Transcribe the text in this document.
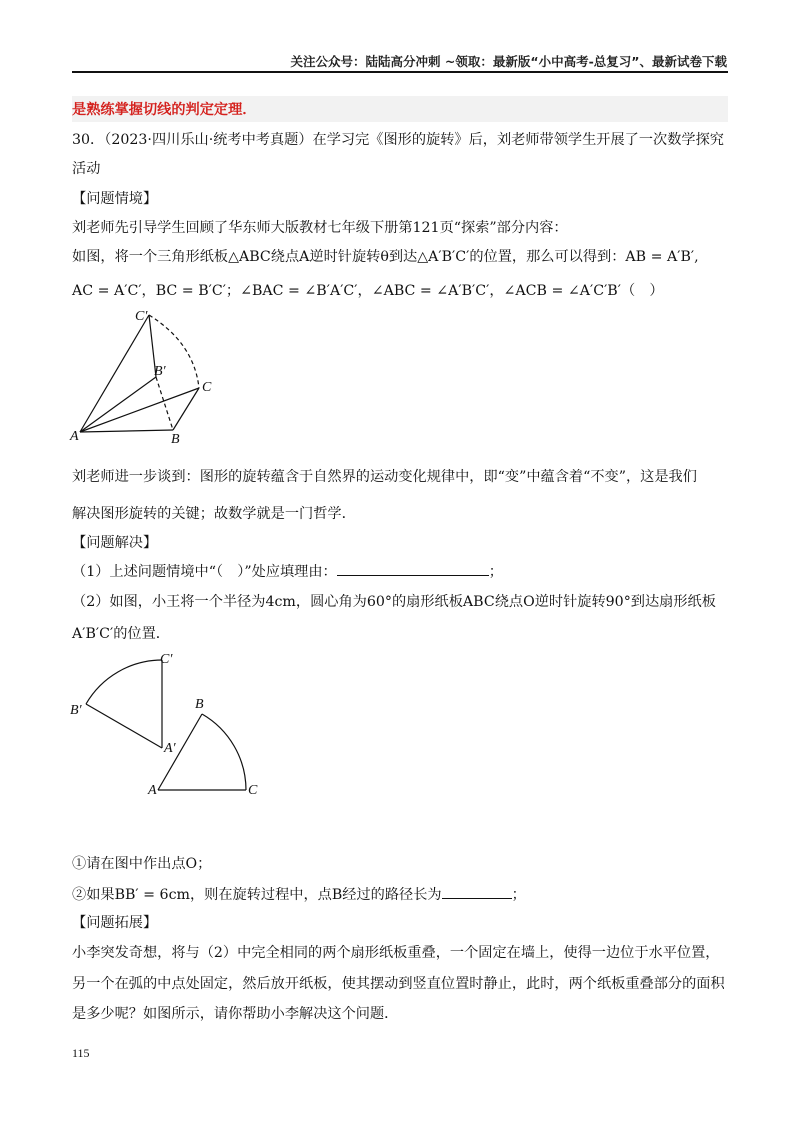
关注公众号：陆陆高分冲刺 ~领取：最新版“小中高考-总复习”、最新试卷下载
是熟练掌握切线的判定定理．
30．（2023·四川乐山·统考中考真题）在学习完《图形的旋转》后，刘老师带领学生开展了一次数学探究
活动
【问题情境】
刘老师先引导学生回顾了华东师大版教材七年级下册第121页“探索”部分内容：
如图，将一个三角形纸板△ABC绕点A逆时针旋转θ到达△A′B′C′的位置，那么可以得到：AB = A′B′,
AC = A′C′，BC = B′C′；∠BAC = ∠B′A′C′，∠ABC = ∠A′B′C′，∠ACB = ∠A′C′B′（　）
C′
B′
C
A	B
刘老师进一步谈到：图形的旋转蕴含于自然界的运动变化规律中，即“变”中蕴含着“不变”，这是我们
解决图形旋转的关键；故数学就是一门哲学．
【问题解决】
（1）上述问题情境中“（　）”处应填理由：	；
（2）如图，小王将一个半径为4cm，圆心角为60°的扇形纸板ABC绕点O逆时针旋转90°到达扇形纸板
A′B′C′的位置．
C′
B′
A′
B
A	C
①请在图中作出点O；
②如果BB′ = 6cm，则在旋转过程中，点B经过的路径长为	；
【问题拓展】
小李突发奇想，将与（2）中完全相同的两个扇形纸板重叠，一个固定在墙上，使得一边位于水平位置，
另一个在弧的中点处固定，然后放开纸板，使其摆动到竖直位置时静止，此时，两个纸板重叠部分的面积
是多少呢？如图所示，请你帮助小李解决这个问题．
115
